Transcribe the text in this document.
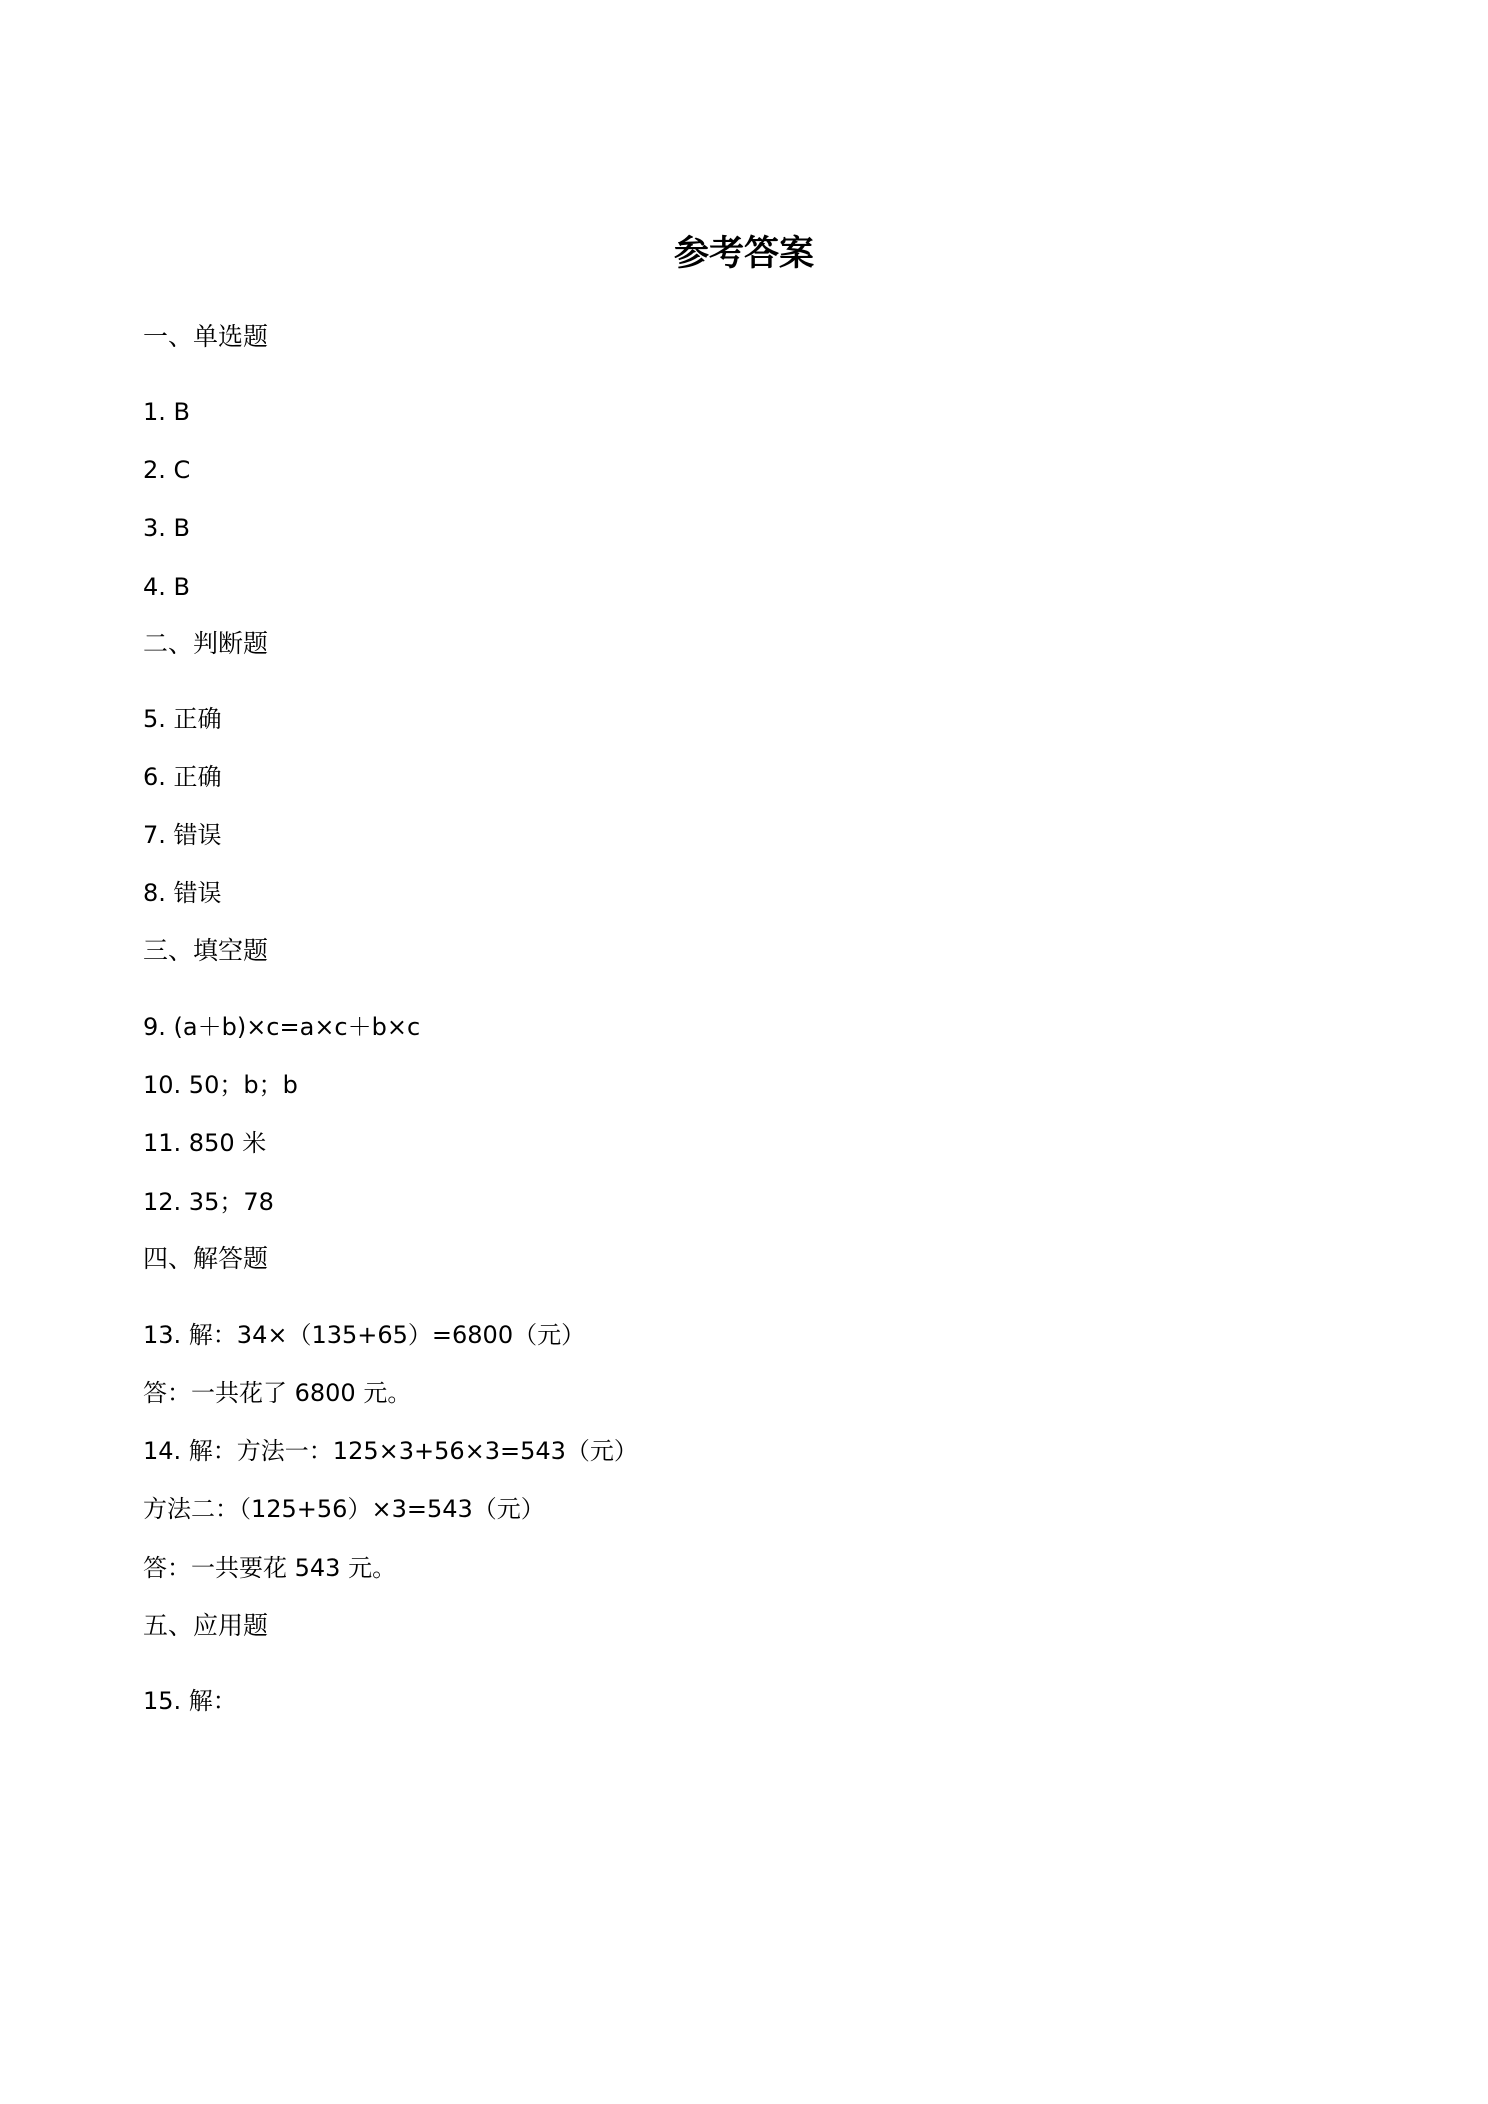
参考答案
一、单选题
1. B
2. C
3. B
4. B
二、判断题
5. 正确
6. 正确
7. 错误
8. 错误
三、填空题
9. (a＋b)×c=a×c＋b×c
10. 50；b；b
11. 850 米
12. 35；78
四、解答题
13. 解：34×（135+65）=6800（元）
答：一共花了 6800 元。
14. 解：方法一：125×3+56×3=543（元）
方法二：（125+56）×3=543（元）
答：一共要花 543 元。
五、应用题
15. 解：
